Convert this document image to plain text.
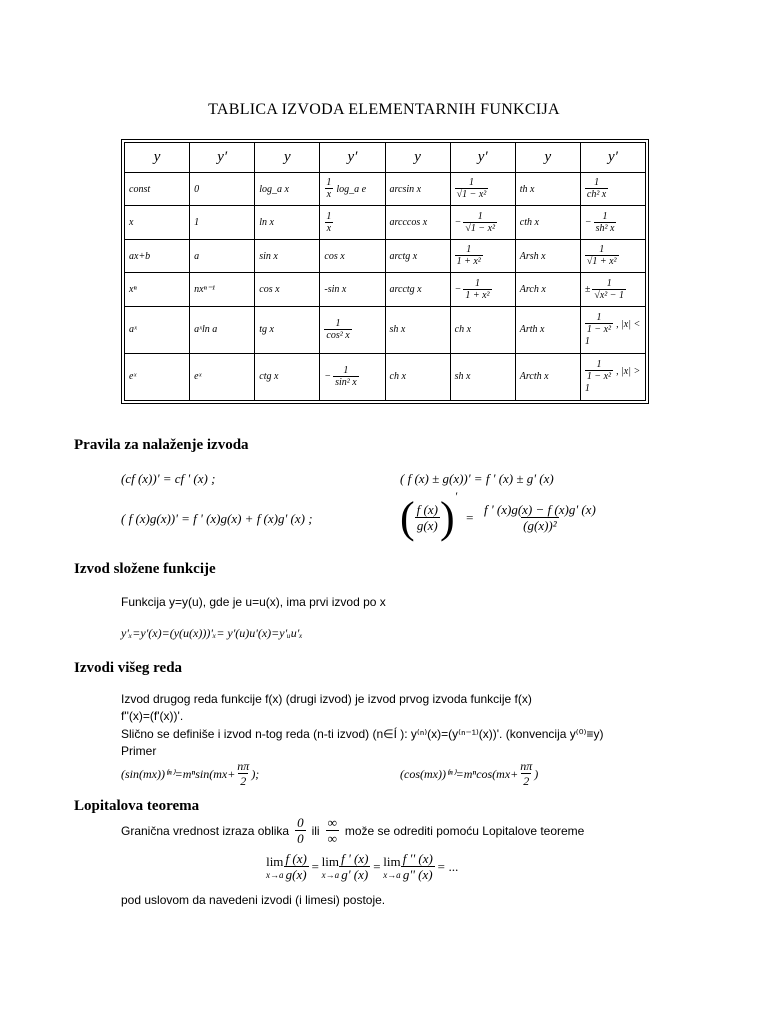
TABLICA IZVODA ELEMENTARNIH FUNKCIJA
y	y′	y	y′	y	y′	y	y′
const	0	log_a x	$\frac{1}{x}$ log_a e	arcsin x	$\frac{1}{\text{√1 − x²}}$	th x	$\frac{1}{\text{ch² x}}$

x	1	ln x	$\frac{1}{x}$	arcccos x	− $\frac{1}{\text{√1 − x²}}$	cth x	− $\frac{1}{\text{sh² x}}$

ax+b	a	sin x	cos x	arctg x	$\frac{1}{\text{1 + x²}}$	Arsh x	$\frac{1}{\text{√1 + x²}}$

xⁿ	nxⁿ⁻¹	cos x	-sin x	arcctg x	− $\frac{1}{\text{1 + x²}}$	Arch x	± $\frac{1}{\text{√x² − 1}}$

aˣ	aˣln a	tg x	$\frac{1}{\text{cos² x}}$	sh x	ch x	Arth x	$\frac{1}{\text{1 − x²}}$ , |x| < 1
eˣ	eˣ	ctg x	− $\frac{1}{\text{sin² x}}$	ch x	sh x	Arcth x	$\frac{1}{\text{1 − x²}}$ , |x| > 1
Pravila za nalaženje izvoda
(cf (x))' = cf ' (x) ;	( f (x) ± g(x))' = f ' (x) ± g' (x)
( f (x)g(x))' = f ' (x)g(x) + f (x)g' (x) ; ( $\frac{f (x)}{g(x)}$ ) ′
= $\frac{f ' (x)g(x) - f (x)g' (x)}{\text{(g(x))²}}$
Izvod složene funkcije
Funkcija y=y(u), gde je u=u(x), ima prvi izvod po x
y'ₓ=y'(x)=(y(u(x)))'ₓ= y'(u)u'(x)=y'ᵤu'ₓ
Izvodi višeg reda
Izvod drugog reda funkcije f(x) (drugi izvod) je izvod prvog izvoda funkcije f(x)
f''(x)=(f'(x))'.
Slično se definiše i izvod n-tog reda (n-ti izvod) (n∈Í ): y⁽ⁿ⁾(x)=(y⁽ⁿ⁻¹⁾(x))'. (konvencija y⁽⁰⁾≡y)
Primer
$(\sin(mx))^{(n)}=m^n\sin(mx+ \frac{n\pi}{2}$ );	$(\cos(mx))^{(n)}=m^n\cos(mx+ \frac{n\pi}{2}$ )
Lopitalova teorema
Granična vrednost izraza oblika $\frac{0}{0}$ ili $\frac{\infty}{\infty}$ može se odrediti pomoću Lopitalove teoreme
lim
$x\to a \frac{f (x)}{g(x)} = \lim$
$x\to a \frac{f ' (x)}{g' (x)} = \lim$
$x\to a \frac{f '' (x)}{g'' (x)}$ = ...
pod uslovom da navedeni izvodi (i limesi) postoje.
